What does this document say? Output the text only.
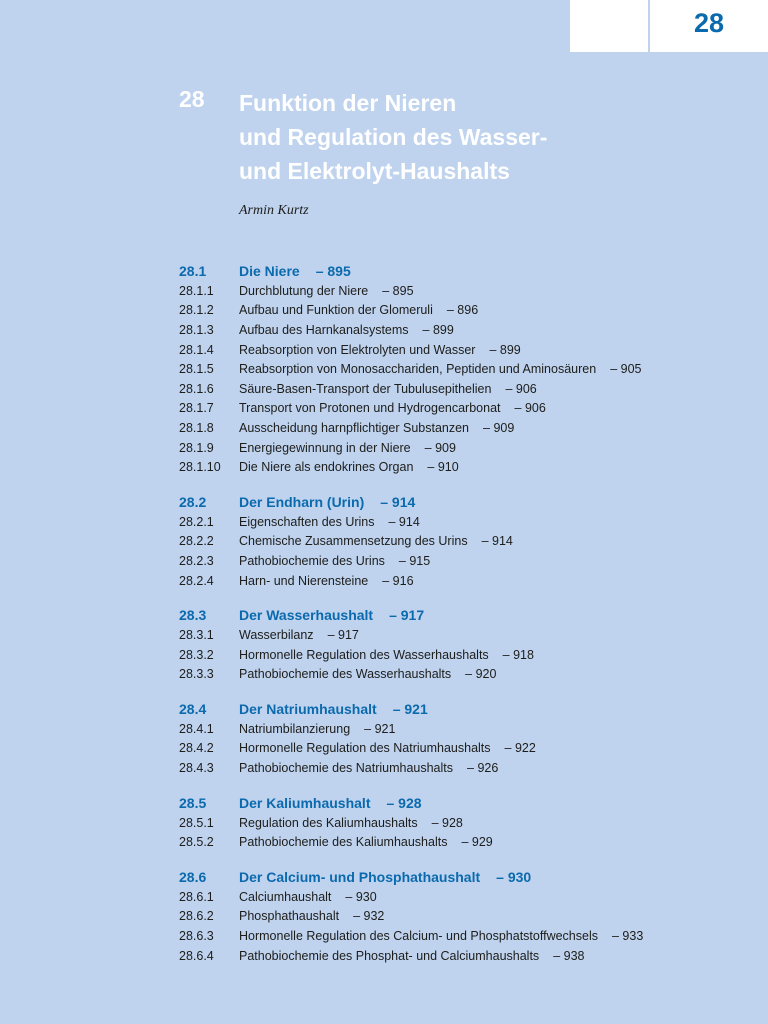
28
28 Funktion der Nieren
und Regulation des Wasser-
und Elektrolyt-Haushalts
Armin Kurtz
28.1	Die Niere – 895
28.1.1	Durchblutung der Niere – 895
28.1.2	Aufbau und Funktion der Glomeruli – 896
28.1.3	Aufbau des Harnkanalsystems – 899
28.1.4	Reabsorption von Elektrolyten und Wasser – 899
28.1.5	Reabsorption von Monosacchariden, Peptiden und Aminosäuren – 905
28.1.6	Säure-Basen-Transport der Tubulusepithelien – 906
28.1.7	Transport von Protonen und Hydrogencarbonat – 906
28.1.8	Ausscheidung harnpflichtiger Substanzen – 909
28.1.9	Energiegewinnung in der Niere – 909
28.1.10	Die Niere als endokrines Organ – 910
28.2	Der Endharn (Urin) – 914
28.2.1	Eigenschaften des Urins – 914
28.2.2	Chemische Zusammensetzung des Urins – 914
28.2.3	Pathobiochemie des Urins – 915
28.2.4	Harn- und Nierensteine – 916
28.3	Der Wasserhaushalt – 917
28.3.1	Wasserbilanz – 917
28.3.2	Hormonelle Regulation des Wasserhaushalts – 918
28.3.3	Pathobiochemie des Wasserhaushalts – 920
28.4	Der Natriumhaushalt – 921
28.4.1	Natriumbilanzierung – 921
28.4.2	Hormonelle Regulation des Natriumhaushalts – 922
28.4.3	Pathobiochemie des Natriumhaushalts – 926
28.5	Der Kaliumhaushalt – 928
28.5.1	Regulation des Kaliumhaushalts – 928
28.5.2	Pathobiochemie des Kaliumhaushalts – 929
28.6	Der Calcium- und Phosphathaushalt – 930
28.6.1	Calciumhaushalt – 930
28.6.2	Phosphathaushalt – 932
28.6.3	Hormonelle Regulation des Calcium- und Phosphatstoffwechsels – 933
28.6.4	Pathobiochemie des Phosphat- und Calciumhaushalts – 938
